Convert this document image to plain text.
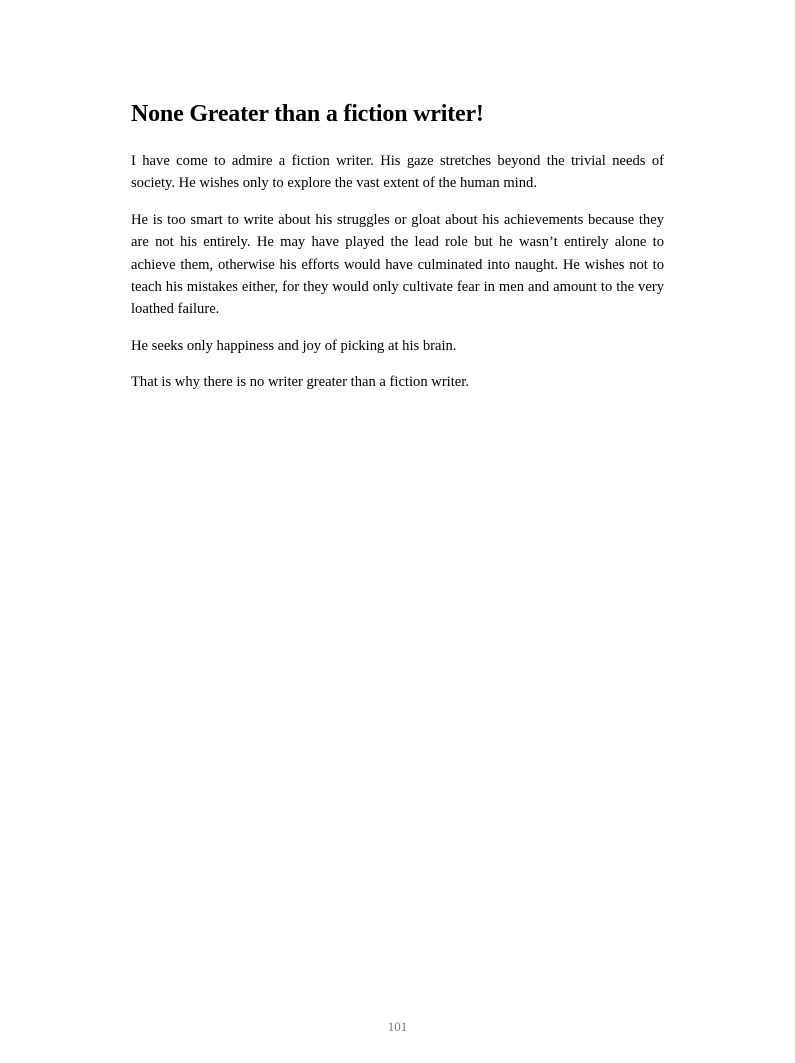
None Greater than a fiction writer!

I have come to admire a fiction writer. His gaze stretches beyond the trivial needs of society. He wishes only to explore the vast extent of the human mind.

He is too smart to write about his struggles or gloat about his achievements because they are not his entirely. He may have played the lead role but he wasn’t entirely alone to achieve them, otherwise his efforts would have culminated into naught. He wishes not to teach his mistakes either, for they would only cultivate fear in men and amount to the very loathed failure.

He seeks only happiness and joy of picking at his brain.

That is why there is no writer greater than a fiction writer.

101
